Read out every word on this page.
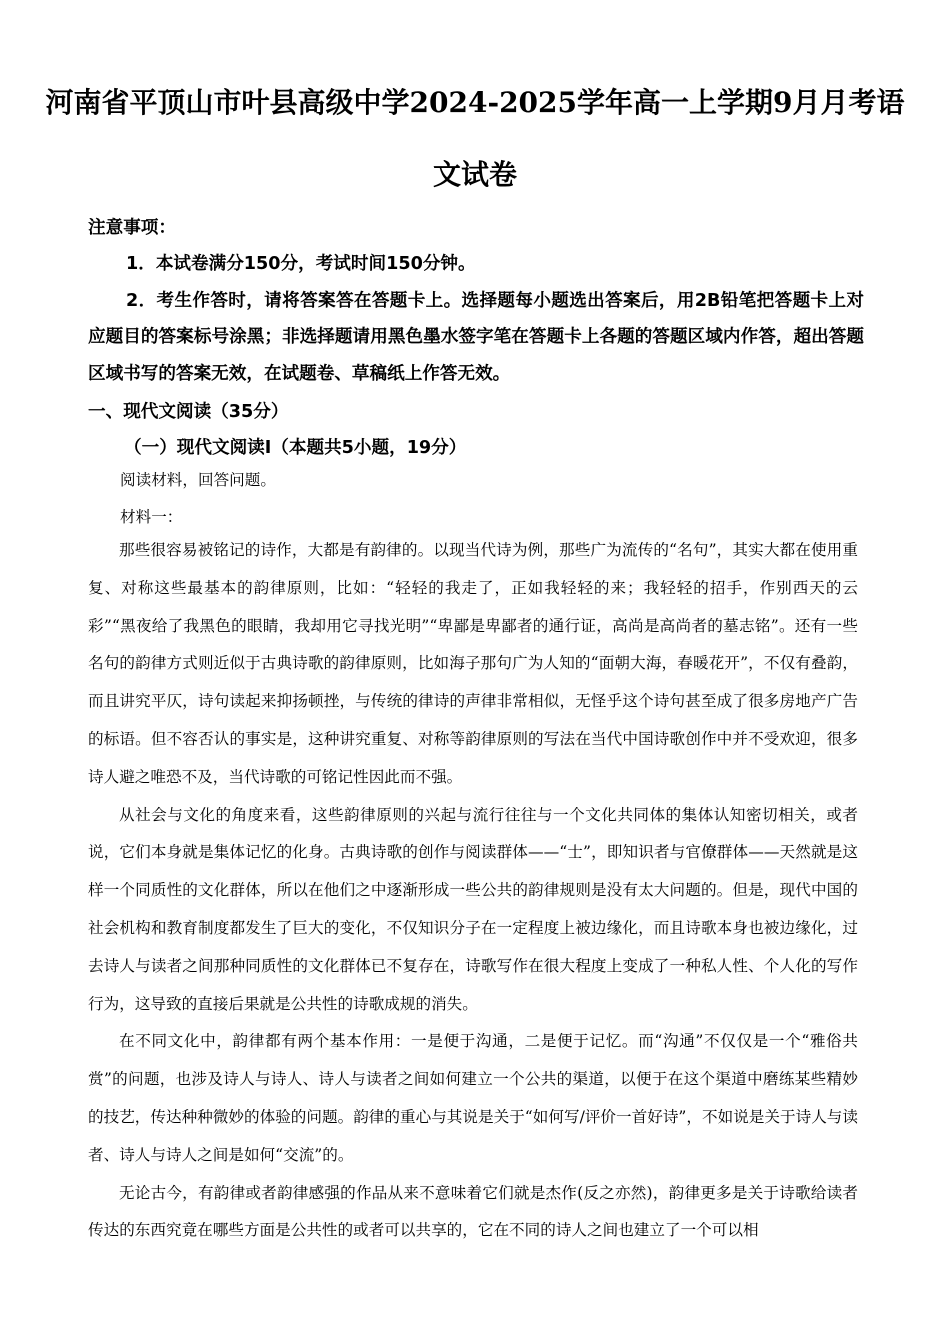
河南省平顶山市叶县高级中学2024-2025学年高一上学期9月月考语
文试卷
注意事项：

1．本试卷满分150分，考试时间150分钟。

2．考生作答时，请将答案答在答题卡上。选择题每小题选出答案后，用2B铅笔把答题卡上对应题目的答案标号涂黑；非选择题请用黑色墨水签字笔在答题卡上各题的答题区域内作答，超出答题区域书写的答案无效，在试题卷、草稿纸上作答无效。

一、现代文阅读（35分）
（一）现代文阅读Ⅰ（本题共5小题，19分）
阅读材料，回答问题。
材料一：

那些很容易被铭记的诗作，大都是有韵律的。以现当代诗为例，那些广为流传的“名句”，其实大都在使用重复、对称这些最基本的韵律原则，比如：“轻轻的我走了，正如我轻轻的来；我轻轻的招手，作别西天的云彩”“黑夜给了我黑色的眼睛，我却用它寻找光明”“卑鄙是卑鄙者的通行证，高尚是高尚者的墓志铭”。还有一些名句的韵律方式则近似于古典诗歌的韵律原则，比如海子那句广为人知的“面朝大海，春暖花开”，不仅有叠韵，而且讲究平仄，诗句读起来抑扬顿挫，与传统的律诗的声律非常相似，无怪乎这个诗句甚至成了很多房地产广告的标语。但不容否认的事实是，这种讲究重复、对称等韵律原则的写法在当代中国诗歌创作中并不受欢迎，很多诗人避之唯恐不及，当代诗歌的可铭记性因此而不强。

从社会与文化的角度来看，这些韵律原则的兴起与流行往往与一个文化共同体的集体认知密切相关，或者说，它们本身就是集体记忆的化身。古典诗歌的创作与阅读群体——“士”，即知识者与官僚群体——天然就是这样一个同质性的文化群体，所以在他们之中逐渐形成一些公共的韵律规则是没有太大问题的。但是，现代中国的社会机构和教育制度都发生了巨大的变化，不仅知识分子在一定程度上被边缘化，而且诗歌本身也被边缘化，过去诗人与读者之间那种同质性的文化群体已不复存在，诗歌写作在很大程度上变成了一种私人性、个人化的写作行为，这导致的直接后果就是公共性的诗歌成规的消失。

在不同文化中，韵律都有两个基本作用：一是便于沟通，二是便于记忆。而“沟通”不仅仅是一个“雅俗共赏”的问题，也涉及诗人与诗人、诗人与读者之间如何建立一个公共的渠道，以便于在这个渠道中磨练某些精妙的技艺，传达种种微妙的体验的问题。韵律的重心与其说是关于“如何写/评价一首好诗”，不如说是关于诗人与读者、诗人与诗人之间是如何“交流”的。

无论古今，有韵律或者韵律感强的作品从来不意味着它们就是杰作(反之亦然)，韵律更多是关于诗歌给读者传达的东西究竟在哪些方面是公共性的或者可以共享的，它在不同的诗人之间也建立了一个可以相
